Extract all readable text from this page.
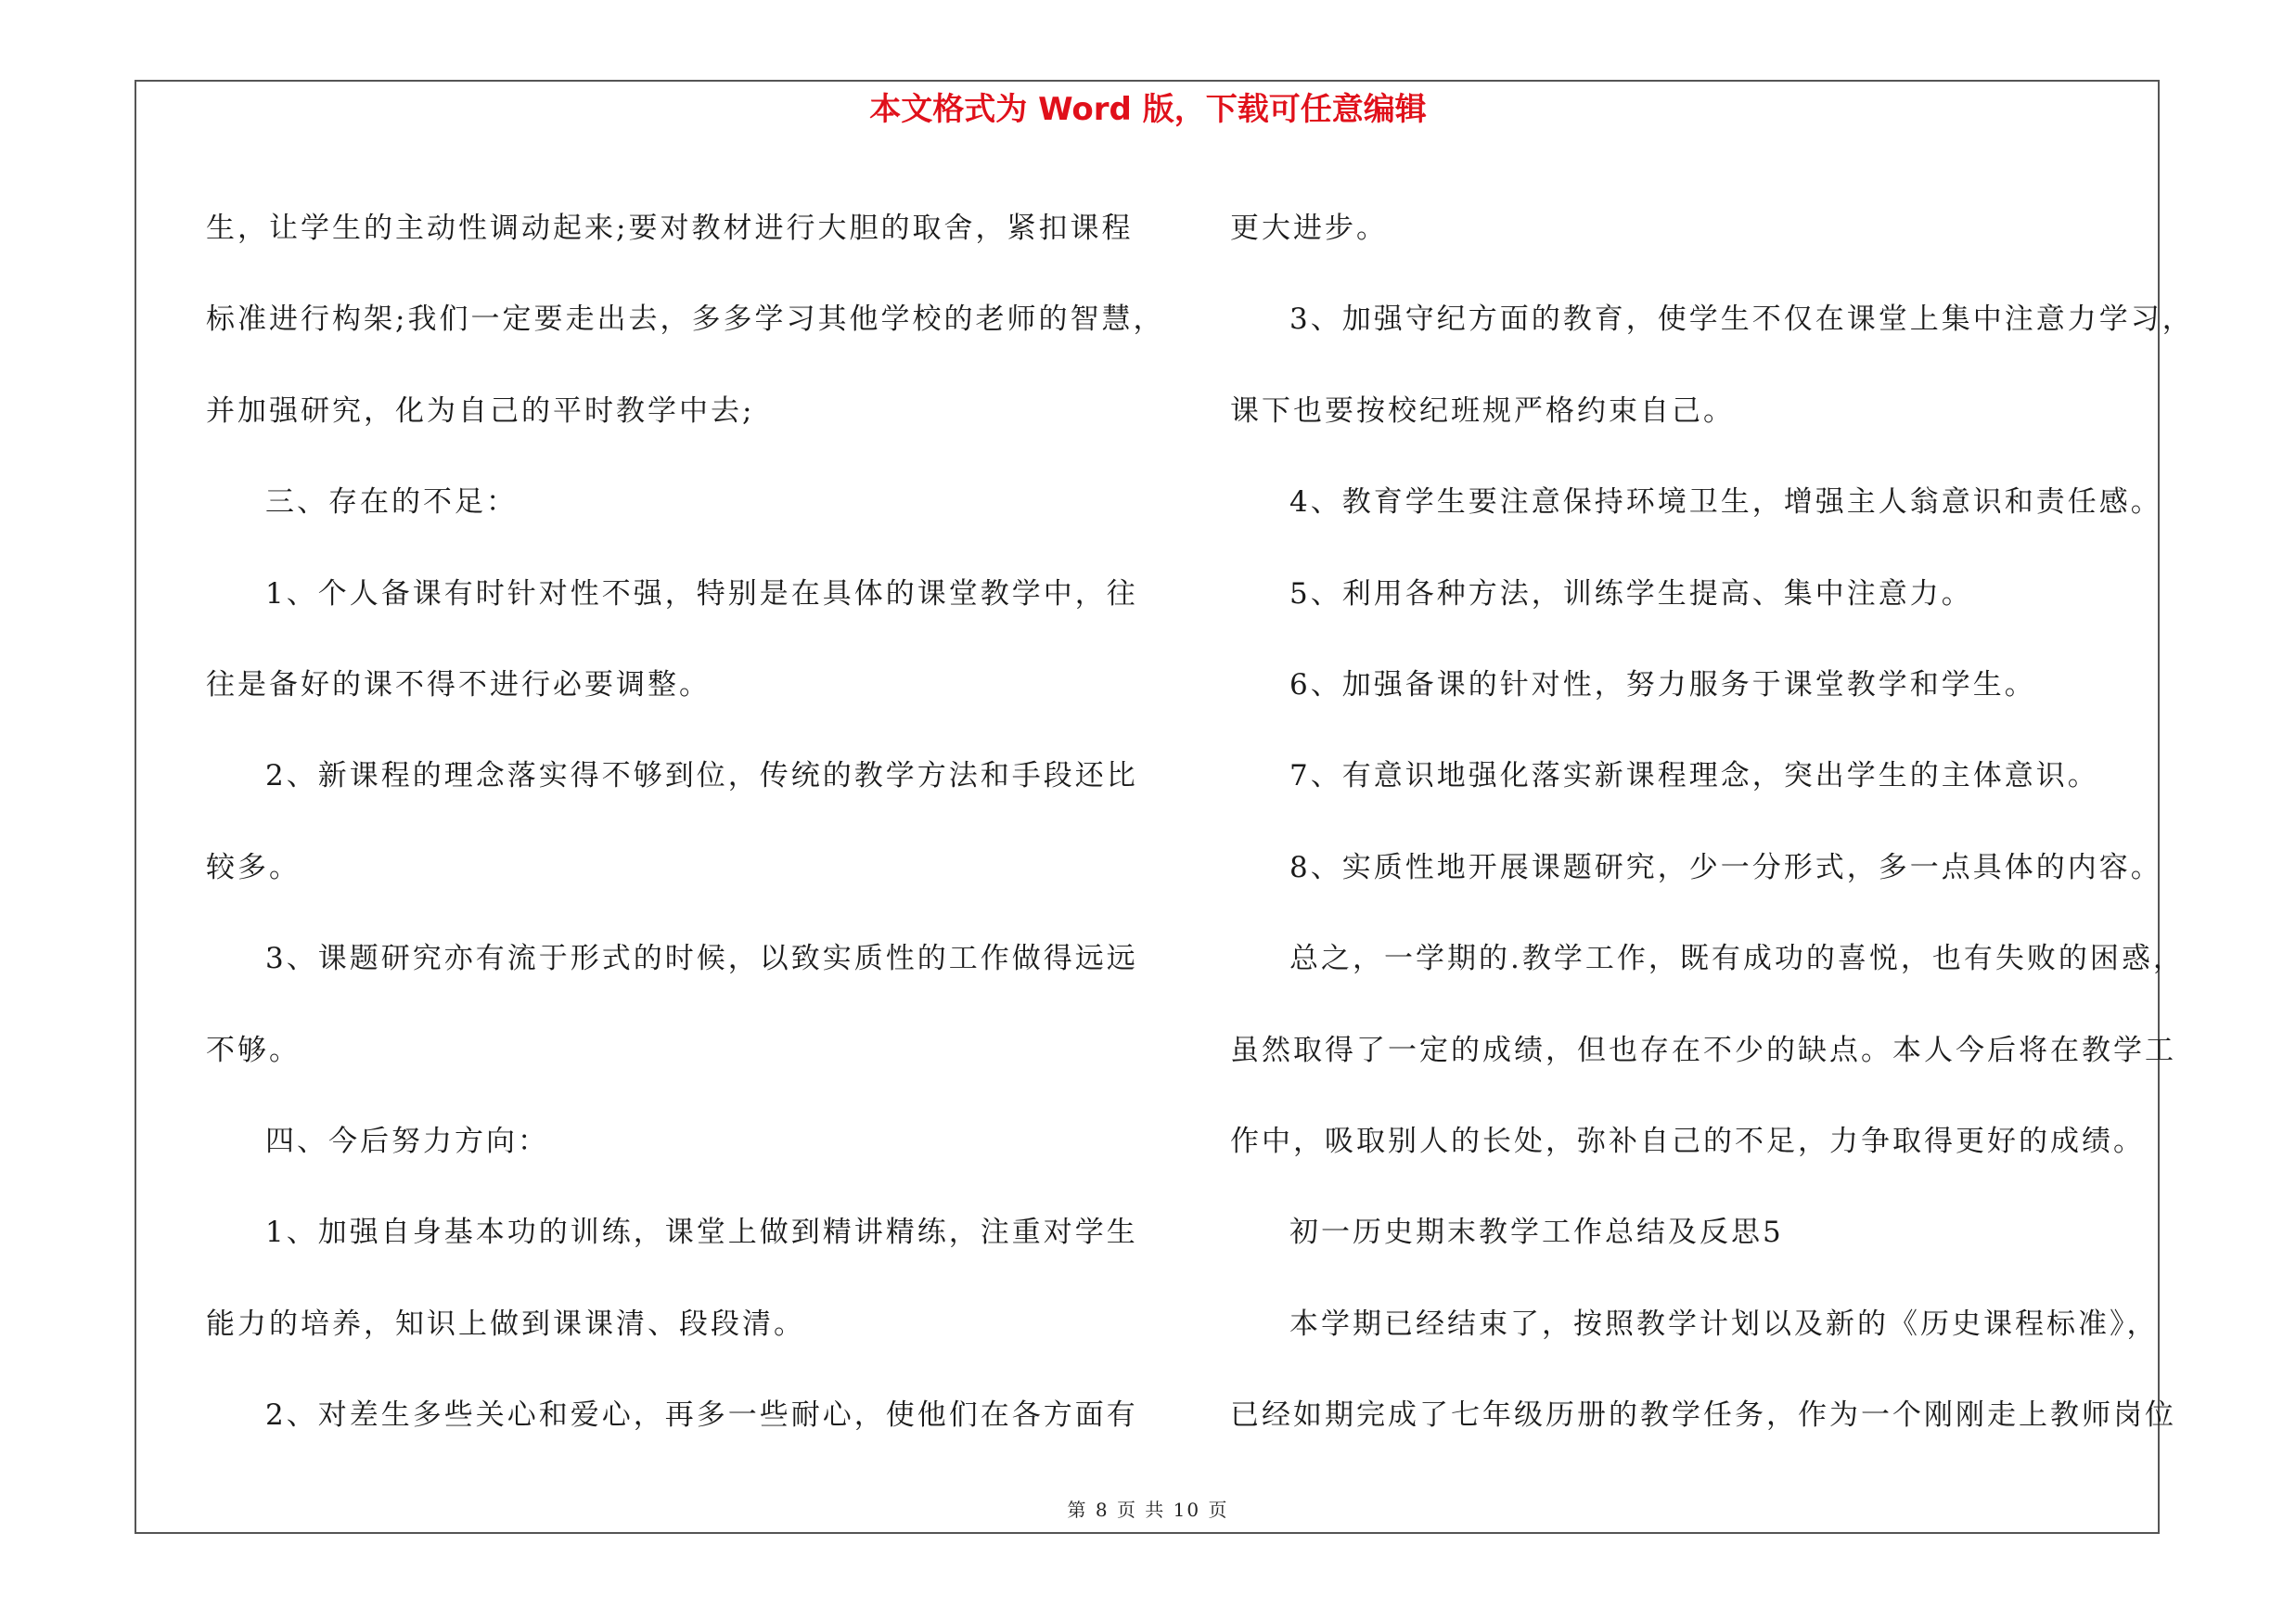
本文格式为 Word 版，下载可任意编辑
生，让学生的主动性调动起来;要对教材进行大胆的取舍，紧扣课程
标准进行构架;我们一定要走出去，多多学习其他学校的老师的智慧，
并加强研究，化为自己的平时教学中去;
三、存在的不足：
1、个人备课有时针对性不强，特别是在具体的课堂教学中，往
往是备好的课不得不进行必要调整。
2、新课程的理念落实得不够到位，传统的教学方法和手段还比
较多。
3、课题研究亦有流于形式的时候，以致实质性的工作做得远远
不够。
四、今后努力方向：
1、加强自身基本功的训练，课堂上做到精讲精练，注重对学生
能力的培养，知识上做到课课清、段段清。
2、对差生多些关心和爱心，再多一些耐心，使他们在各方面有
更大进步。
3、加强守纪方面的教育，使学生不仅在课堂上集中注意力学习，
课下也要按校纪班规严格约束自己。
4、教育学生要注意保持环境卫生，增强主人翁意识和责任感。
5、利用各种方法，训练学生提高、集中注意力。
6、加强备课的针对性，努力服务于课堂教学和学生。
7、有意识地强化落实新课程理念，突出学生的主体意识。
8、实质性地开展课题研究，少一分形式，多一点具体的内容。
总之，一学期的.教学工作，既有成功的喜悦，也有失败的困惑，
虽然取得了一定的成绩，但也存在不少的缺点。本人今后将在教学工
作中，吸取别人的长处，弥补自己的不足，力争取得更好的成绩。
初一历史期末教学工作总结及反思5
本学期已经结束了，按照教学计划以及新的《历史课程标准》，
已经如期完成了七年级历册的教学任务，作为一个刚刚走上教师岗位
第 8 页 共 10 页
